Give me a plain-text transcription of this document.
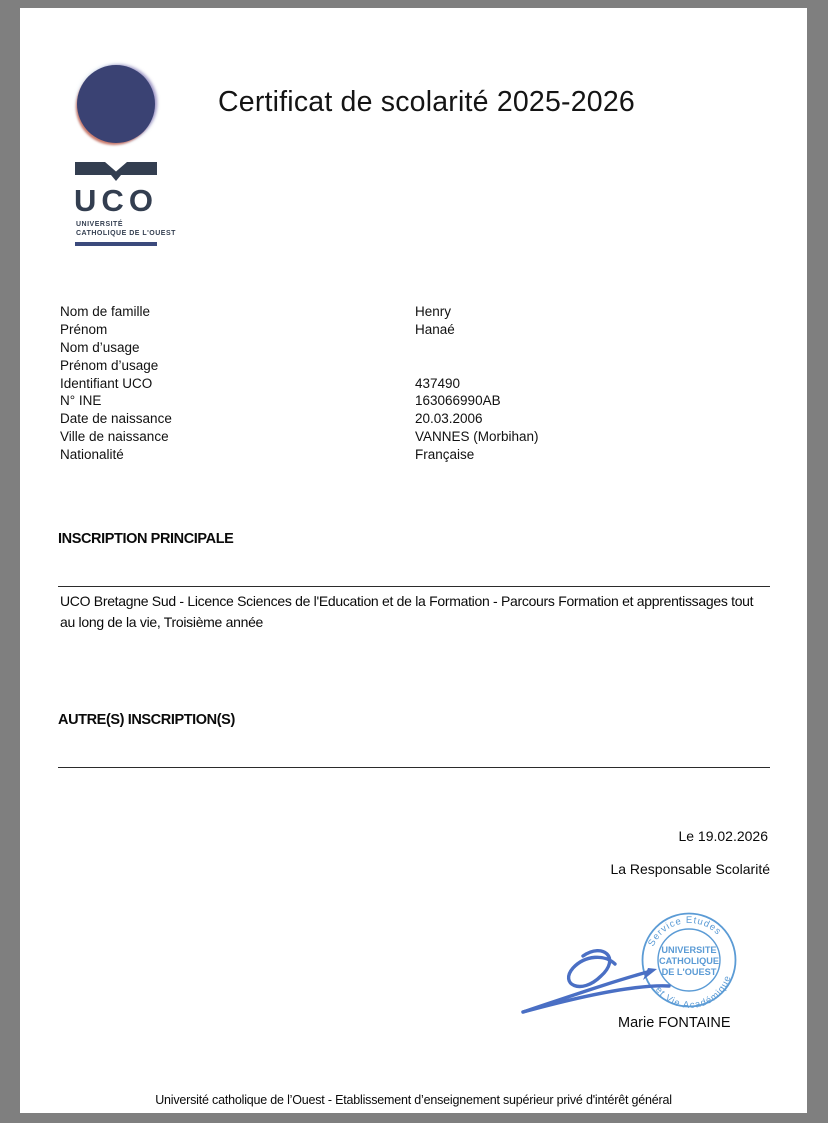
UCO
UNIVERSITÉ
CATHOLIQUE DE L'OUEST
Certificat de scolarité 2025-2026
Nom de famille	Henry
Prénom	Hanaé
Nom d’usage
Prénom d’usage
Identifiant UCO	437490
N° INE	163066990AB
Date de naissance	20.03.2006
Ville de naissance	VANNES (Morbihan)
Nationalité	Française
INSCRIPTION PRINCIPALE
UCO Bretagne Sud - Licence Sciences de l'Education et de la Formation - Parcours Formation et apprentissages tout au long de la vie, Troisième année
AUTRE(S) INSCRIPTION(S)
Le 19.02.2026
La Responsable Scolarité
Service Etudes
et Vie Académique
UNIVERSITE
CATHOLIQUE
DE L'OUEST
Marie FONTAINE
Université catholique de l’Ouest - Etablissement d’enseignement supérieur privé d'intérêt général
